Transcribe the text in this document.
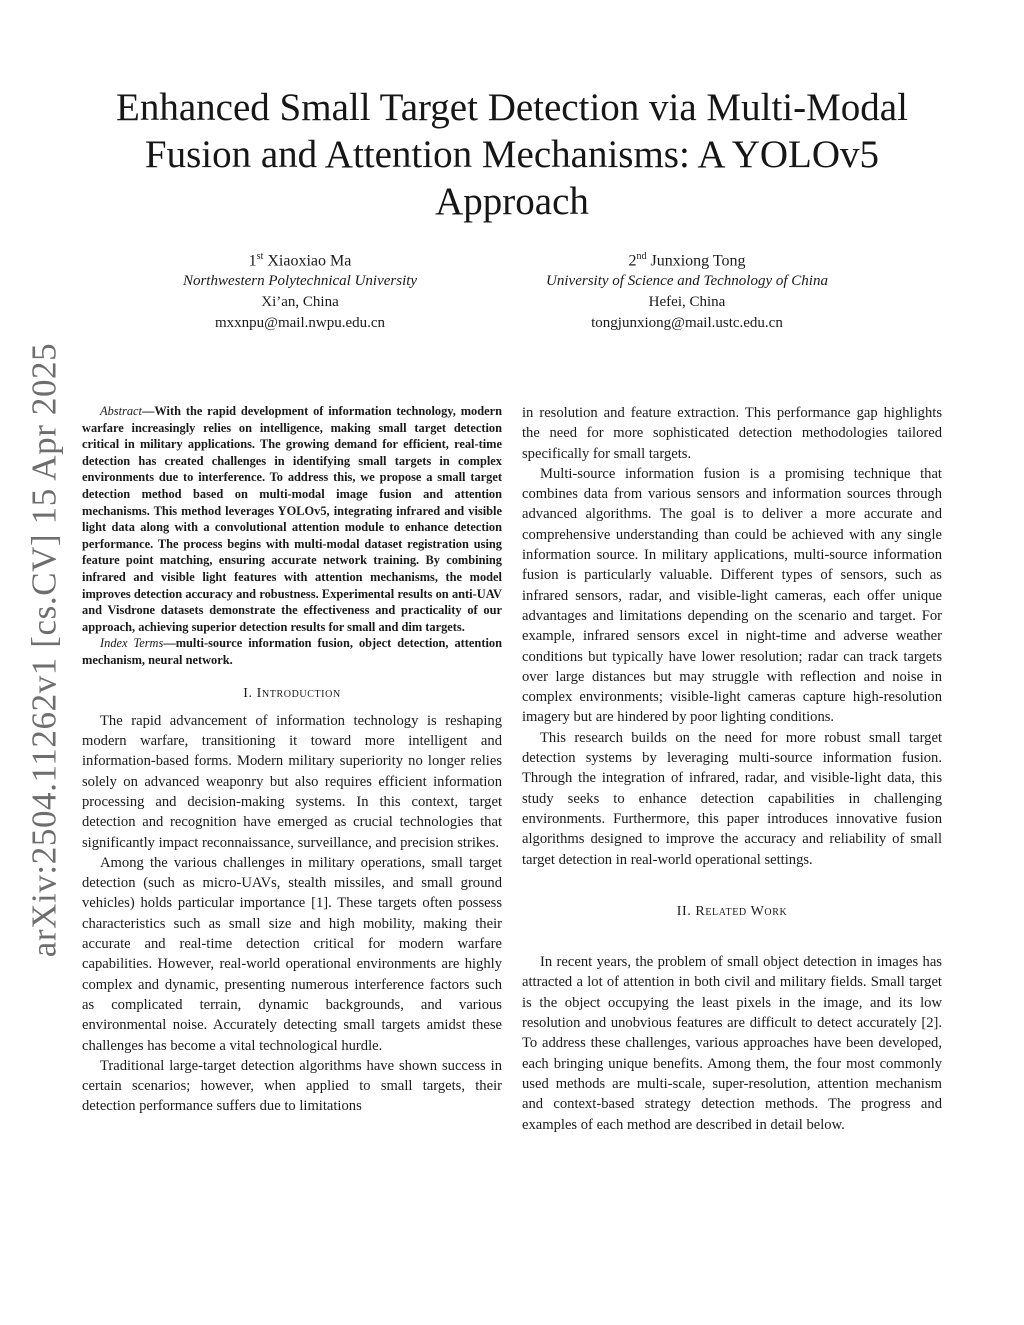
arXiv:2504.11262v1 [cs.CV] 15 Apr 2025
Enhanced Small Target Detection via Multi-Modal Fusion and Attention Mechanisms: A YOLOv5 Approach
1st Xiaoxiao Ma
Northwestern Polytechnical University
Xi’an, China
mxxnpu@mail.nwpu.edu.cn
2nd Junxiong Tong
University of Science and Technology of China
Hefei, China
tongjunxiong@mail.ustc.edu.cn

Abstract—With the rapid development of information technology, modern warfare increasingly relies on intelligence, making small target detection critical in military applications. The growing demand for efficient, real-time detection has created challenges in identifying small targets in complex environments due to interference. To address this, we propose a small target detection method based on multi-modal image fusion and attention mechanisms. This method leverages YOLOv5, integrating infrared and visible light data along with a convolutional attention module to enhance detection performance. The process begins with multi-modal dataset registration using feature point matching, ensuring accurate network training. By combining infrared and visible light features with attention mechanisms, the model improves detection accuracy and robustness. Experimental results on anti-UAV and Visdrone datasets demonstrate the effectiveness and practicality of our approach, achieving superior detection results for small and dim targets.

Index Terms—multi-source information fusion, object detection, attention mechanism, neural network.

I. Introduction

The rapid advancement of information technology is reshaping modern warfare, transitioning it toward more intelligent and information-based forms. Modern military superiority no longer relies solely on advanced weaponry but also requires efficient information processing and decision-making systems. In this context, target detection and recognition have emerged as crucial technologies that significantly impact reconnaissance, surveillance, and precision strikes.

Among the various challenges in military operations, small target detection (such as micro-UAVs, stealth missiles, and small ground vehicles) holds particular importance [1]. These targets often possess characteristics such as small size and high mobility, making their accurate and real-time detection critical for modern warfare capabilities. However, real-world operational environments are highly complex and dynamic, presenting numerous interference factors such as complicated terrain, dynamic backgrounds, and various environmental noise. Accurately detecting small targets amidst these challenges has become a vital technological hurdle.

Traditional large-target detection algorithms have shown success in certain scenarios; however, when applied to small targets, their detection performance suffers due to limitations

in resolution and feature extraction. This performance gap highlights the need for more sophisticated detection methodologies tailored specifically for small targets.

Multi-source information fusion is a promising technique that combines data from various sensors and information sources through advanced algorithms. The goal is to deliver a more accurate and comprehensive understanding than could be achieved with any single information source. In military applications, multi-source information fusion is particularly valuable. Different types of sensors, such as infrared sensors, radar, and visible-light cameras, each offer unique advantages and limitations depending on the scenario and target. For example, infrared sensors excel in night-time and adverse weather conditions but typically have lower resolution; radar can track targets over large distances but may struggle with reflection and noise in complex environments; visible-light cameras capture high-resolution imagery but are hindered by poor lighting conditions.

This research builds on the need for more robust small target detection systems by leveraging multi-source information fusion. Through the integration of infrared, radar, and visible-light data, this study seeks to enhance detection capabilities in challenging environments. Furthermore, this paper introduces innovative fusion algorithms designed to improve the accuracy and reliability of small target detection in real-world operational settings.

II. Related Work

In recent years, the problem of small object detection in images has attracted a lot of attention in both civil and military fields. Small target is the object occupying the least pixels in the image, and its low resolution and unobvious features are difficult to detect accurately [2]. To address these challenges, various approaches have been developed, each bringing unique benefits. Among them, the four most commonly used methods are multi-scale, super-resolution, attention mechanism and context-based strategy detection methods. The progress and examples of each method are described in detail below.
